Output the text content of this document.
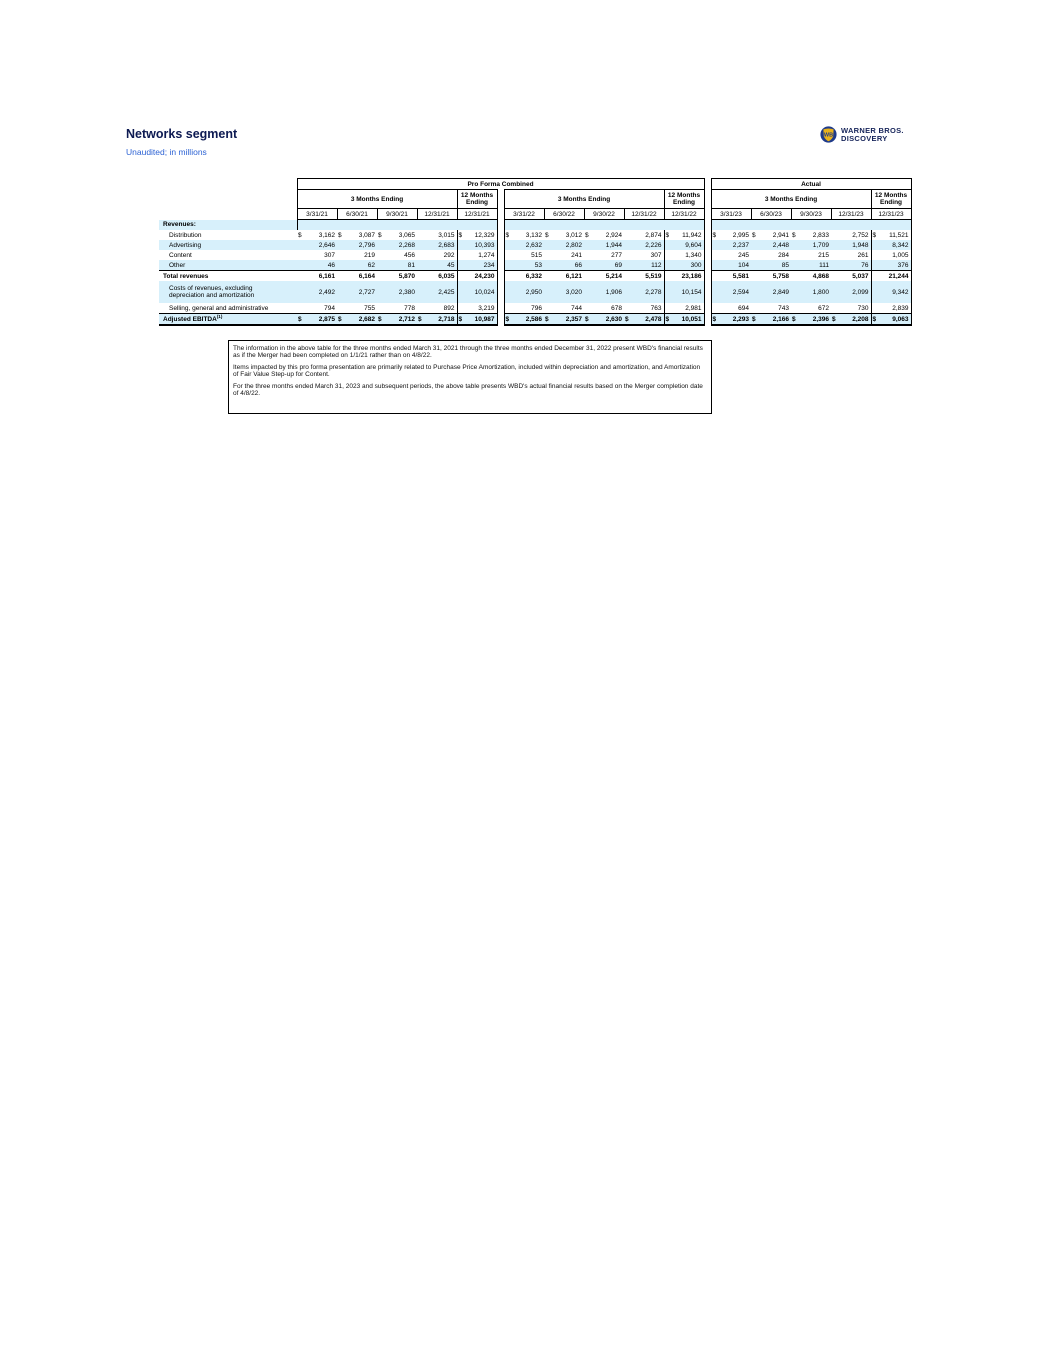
Networks segment
Unaudited; in millions
WB
WARNER BROS.
DISCOVERY
	Pro Forma Combined																						Actual									
	3 Months Ending								12 Months Ending			3 Months Ending								12 Months Ending			3 Months Ending								12 Months Ending	
	3/31/21		6/30/21		9/30/21		12/31/21		12/31/21			3/31/22		6/30/22		9/30/22		12/31/22		12/31/22			3/31/23		6/30/23		9/30/23		12/31/23		12/31/23	
Revenues:																																
Distribution	$	3,162	$	3,087	$	3,065		3,015	$	12,329		$	3,132	$	3,012	$	2,924		2,874	$	11,942		$	2,995	$	2,941	$	2,833		2,752	$	11,521
Advertising		2,646		2,796		2,268		2,683		10,393			2,632		2,802		1,944		2,226		9,604			2,237		2,448		1,709		1,948		8,342
Content		307		219		456		292		1,274			515		241		277		307		1,340			245		284		215		261		1,005
Other		46		62		81		45		234			53		66		69		112		300			104		85		111		76		376
Total revenues		6,161		6,164		5,870		6,035		24,230			6,332		6,121		5,214		5,519		23,186			5,581		5,758		4,868		5,037		21,244

Costs of revenues, excluding
depreciation and amortization		2,492		2,727		2,380		2,425		10,024			2,950		3,020		1,906		2,278		10,154			2,594		2,849		1,800		2,099		9,342
Selling, general and administrative		794		755		778		892		3,219			796		744		678		763		2,981			694		743		672		730		2,839
Adjusted EBITDA$^{(1)}$	$	2,875	$	2,682	$	2,712	$	2,718	$	10,987		$	2,586	$	2,357	$	2,630	$	2,478	$	10,051		$	2,293	$	2,166	$	2,396	$	2,208	$	9,063

The information in the above table for the three months ended March 31, 2021 through the three months ended December 31, 2022 present WBD's financial results as if the Merger had been completed on 1/1/21 rather than on 4/8/22.

Items impacted by this pro forma presentation are primarily related to Purchase Price Amortization, included within depreciation and amortization, and Amortization of Fair Value Step-up for Content.

For the three months ended March 31, 2023 and subsequent periods, the above table presents WBD's actual financial results based on the Merger completion date of 4/8/22.
